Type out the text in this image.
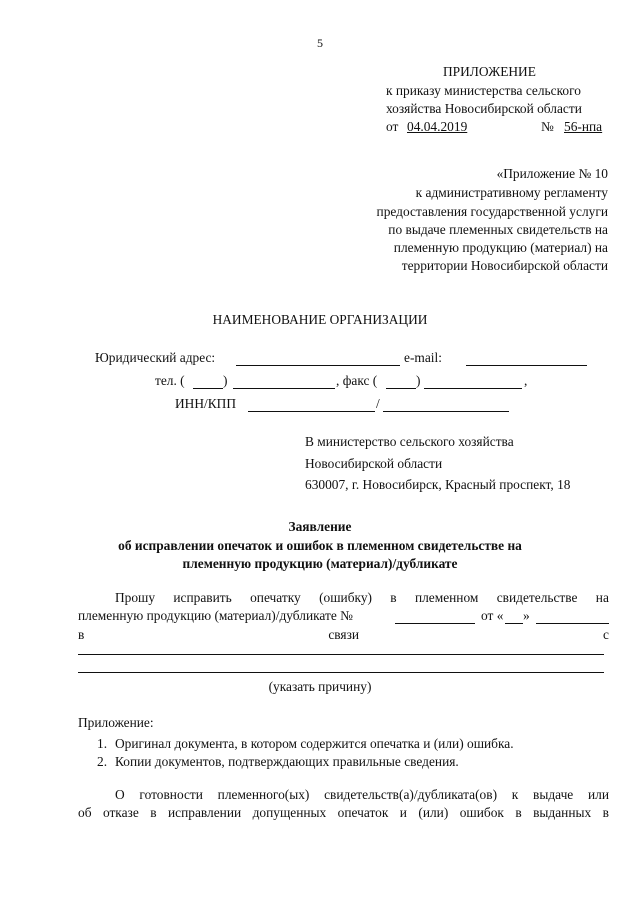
5
ПРИЛОЖЕНИЕ
к приказу министерства сельского
хозяйства Новосибирской области
от 04.04.2019	№ 56-нпа
«Приложение № 10
к административному регламенту
предоставления государственной услуги
по выдаче племенных свидетельств на
племенную продукцию (материал) на
территории Новосибирской области
НАИМЕНОВАНИЕ ОРГАНИЗАЦИИ
Юридический адрес:	e-mail:
тел. (	)	, факс (	)	,
ИНН/КПП	/
В министерство сельского хозяйства
Новосибирской области
630007, г. Новосибирск, Красный проспект, 18
Заявление
об исправлении опечаток и ошибок в племенном свидетельстве на
племенную продукцию (материал)/дубликате
Прошу исправить опечатку (ошибку) в племенном свидетельстве на
племенную продукцию (материал)/дубликате №	от « »
в	связи	с
(указать причину)
Приложение:
1. Оригинал документа, в котором содержится опечатка и (или) ошибка.
2. Копии документов, подтверждающих правильные сведения.
О готовности племенного(ых) свидетельств(а)/дубликата(ов) к выдаче или
об отказе в исправлении допущенных опечаток и (или) ошибок в выданных в
